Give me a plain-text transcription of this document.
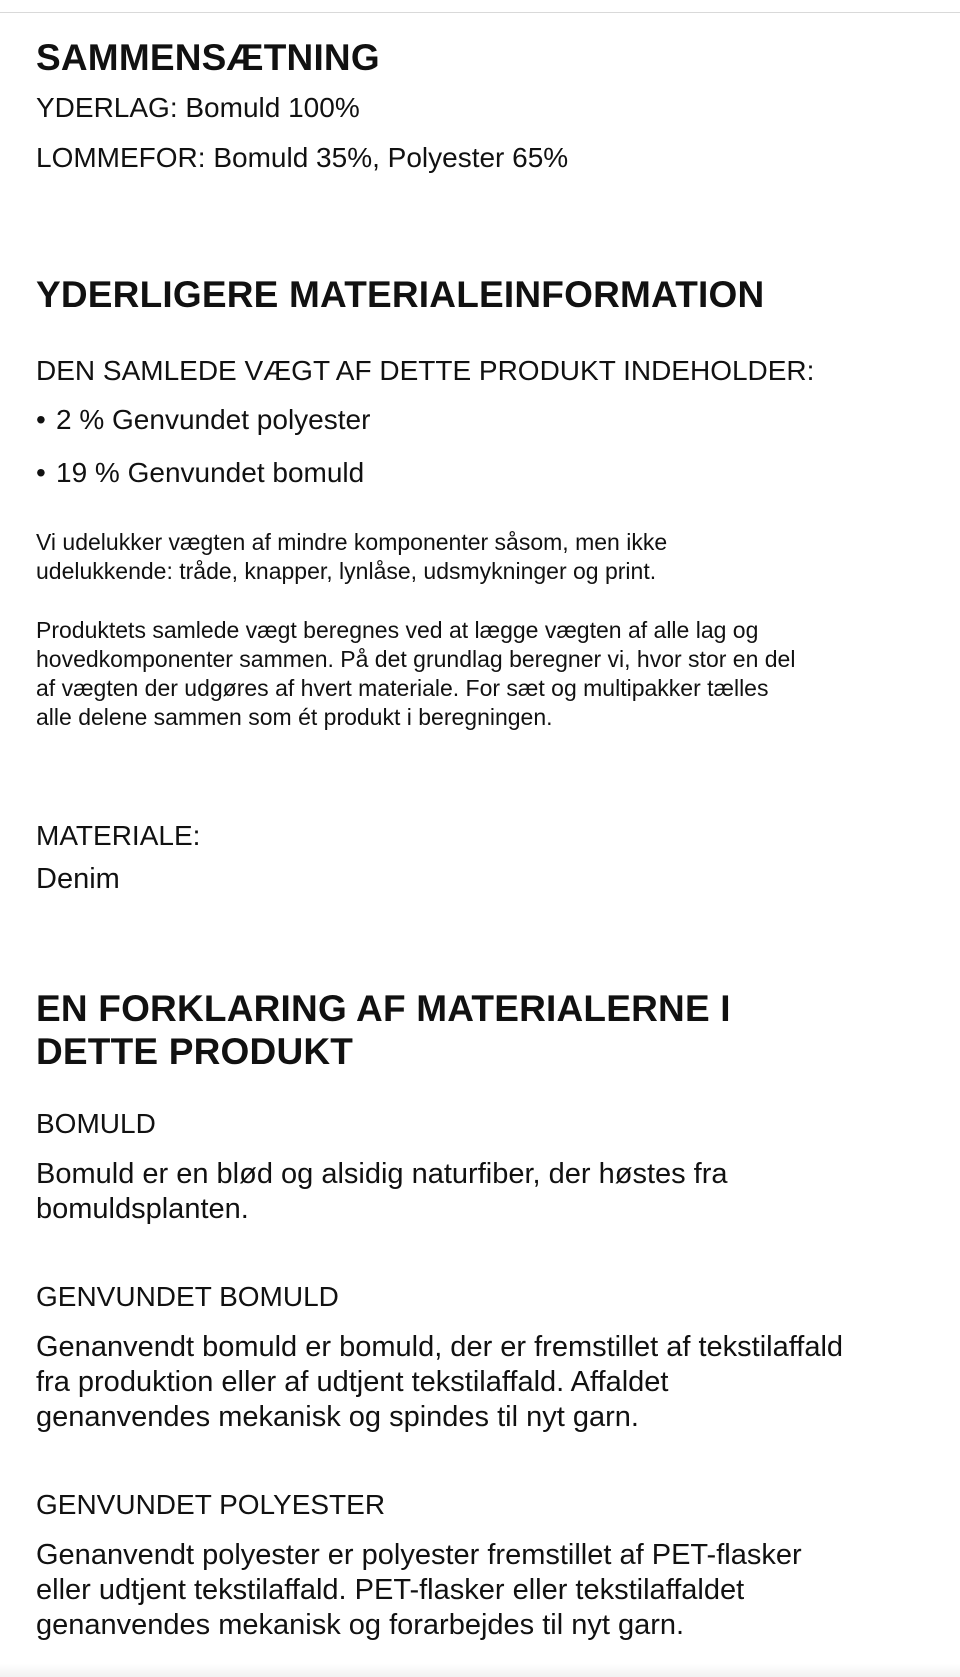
SAMMENSÆTNING
YDERLAG: Bomuld 100%
LOMMEFOR: Bomuld 35%, Polyester 65%
YDERLIGERE MATERIALEINFORMATION
DEN SAMLEDE VÆGT AF DETTE PRODUKT INDEHOLDER:
• 2 % Genvundet polyester
• 19 % Genvundet bomuld
Vi udelukker vægten af mindre komponenter såsom, men ikke
udelukkende: tråde, knapper, lynlåse, udsmykninger og print.
Produktets samlede vægt beregnes ved at lægge vægten af alle lag og
hovedkomponenter sammen. På det grundlag beregner vi, hvor stor en del
af vægten der udgøres af hvert materiale. For sæt og multipakker tælles
alle delene sammen som ét produkt i beregningen.
MATERIALE:
Denim
EN FORKLARING AF MATERIALERNE I
DETTE PRODUKT
BOMULD
Bomuld er en blød og alsidig naturfiber, der høstes fra
bomuldsplanten.
GENVUNDET BOMULD
Genanvendt bomuld er bomuld, der er fremstillet af tekstilaffald
fra produktion eller af udtjent tekstilaffald. Affaldet
genanvendes mekanisk og spindes til nyt garn.
GENVUNDET POLYESTER
Genanvendt polyester er polyester fremstillet af PET-flasker
eller udtjent tekstilaffald. PET-flasker eller tekstilaffaldet
genanvendes mekanisk og forarbejdes til nyt garn.
